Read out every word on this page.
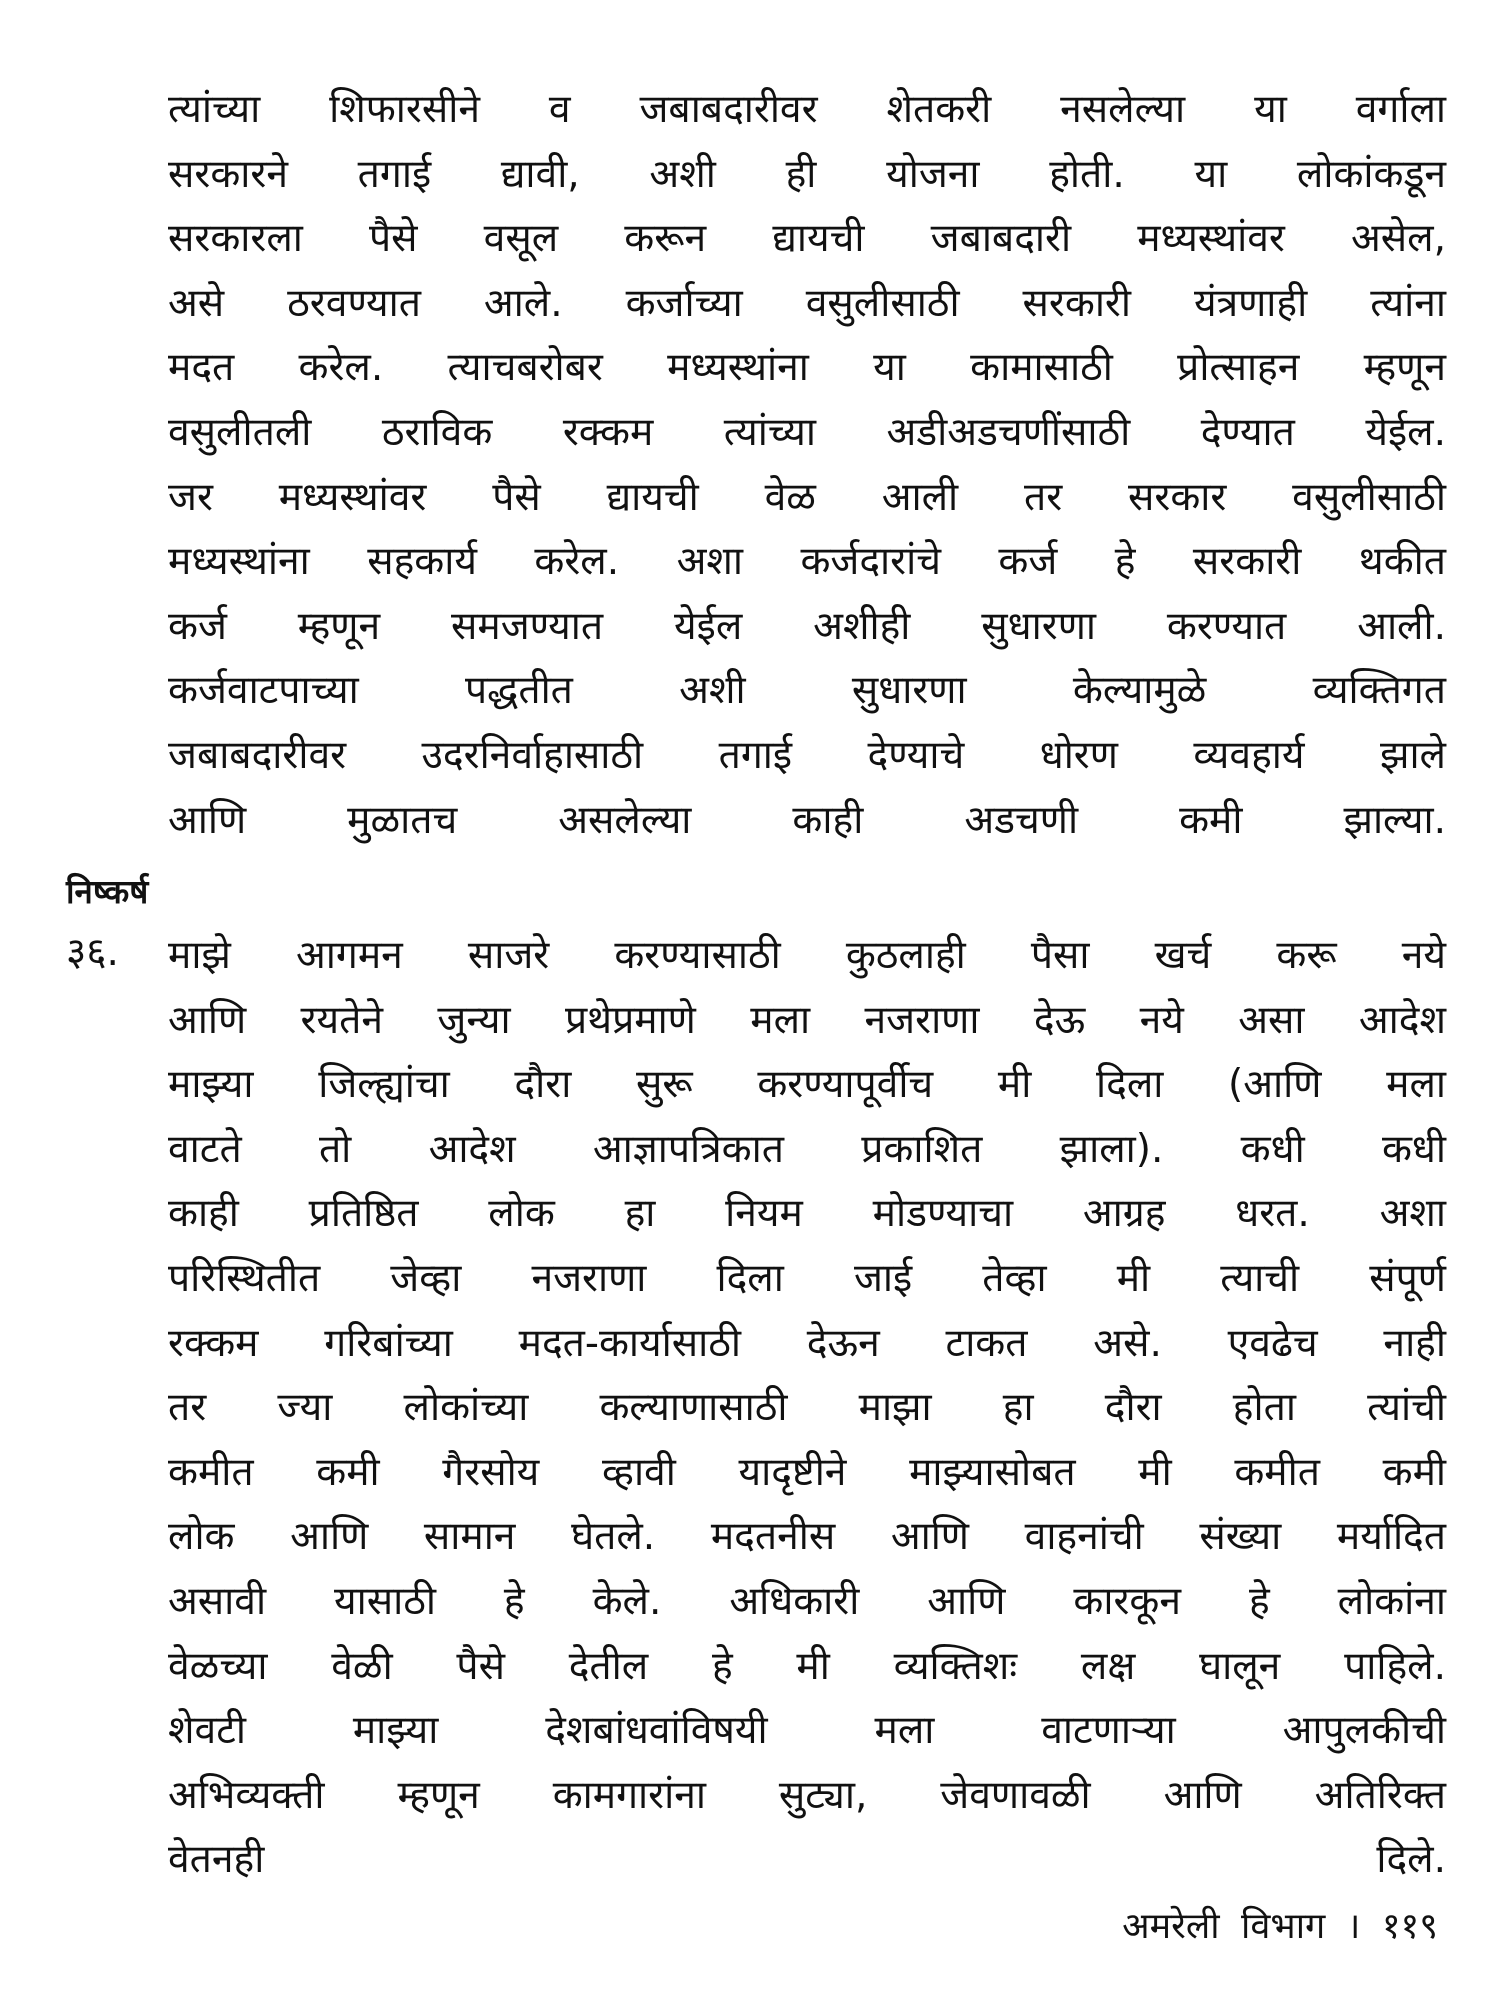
त्यांच्या शिफारसीने व जबाबदारीवर शेतकरी नसलेल्या या वर्गाला
सरकारने तगाई द्यावी, अशी ही योजना होती. या लोकांकडून
सरकारला पैसे वसूल करून द्यायची जबाबदारी मध्यस्थांवर असेल,
असे ठरवण्यात आले. कर्जाच्या वसुलीसाठी सरकारी यंत्रणाही त्यांना
मदत करेल. त्याचबरोबर मध्यस्थांना या कामासाठी प्रोत्साहन म्हणून
वसुलीतली ठराविक रक्कम त्यांच्या अडीअडचणींसाठी देण्यात येईल.
जर मध्यस्थांवर पैसे द्यायची वेळ आली तर सरकार वसुलीसाठी
मध्यस्थांना सहकार्य करेल. अशा कर्जदारांचे कर्ज हे सरकारी थकीत
कर्ज म्हणून समजण्यात येईल अशीही सुधारणा करण्यात आली.
कर्जवाटपाच्या पद्धतीत अशी सुधारणा केल्यामुळे व्यक्तिगत
जबाबदारीवर उदरनिर्वाहासाठी तगाई देण्याचे धोरण व्यवहार्य झाले
आणि मुळातच असलेल्या काही अडचणी कमी झाल्या.

निष्कर्ष

३६. माझे आगमन साजरे करण्यासाठी कुठलाही पैसा खर्च करू नये
आणि रयतेने जुन्या प्रथेप्रमाणे मला नजराणा देऊ नये असा आदेश
माझ्या जिल्ह्यांचा दौरा सुरू करण्यापूर्वीच मी दिला (आणि मला
वाटते तो आदेश आज्ञापत्रिकात प्रकाशित झाला). कधी कधी
काही प्रतिष्ठित लोक हा नियम मोडण्याचा आग्रह धरत. अशा
परिस्थितीत जेव्हा नजराणा दिला जाई तेव्हा मी त्याची संपूर्ण
रक्कम गरिबांच्या मदत-कार्यासाठी देऊन टाकत असे. एवढेच नाही
तर ज्या लोकांच्या कल्याणासाठी माझा हा दौरा होता त्यांची
कमीत कमी गैरसोय व्हावी यादृष्टीने माझ्यासोबत मी कमीत कमी
लोक आणि सामान घेतले. मदतनीस आणि वाहनांची संख्या मर्यादित
असावी यासाठी हे केले. अधिकारी आणि कारकून हे लोकांना
वेळच्या वेळी पैसे देतील हे मी व्यक्तिशः लक्ष घालून पाहिले.
शेवटी माझ्या देशबांधवांविषयी मला वाटणाऱ्या आपुलकीची
अभिव्यक्ती म्हणून कामगारांना सुट्या, जेवणावळी आणि अतिरिक्त
वेतनही दिले.

अमरेली विभाग । ११९
